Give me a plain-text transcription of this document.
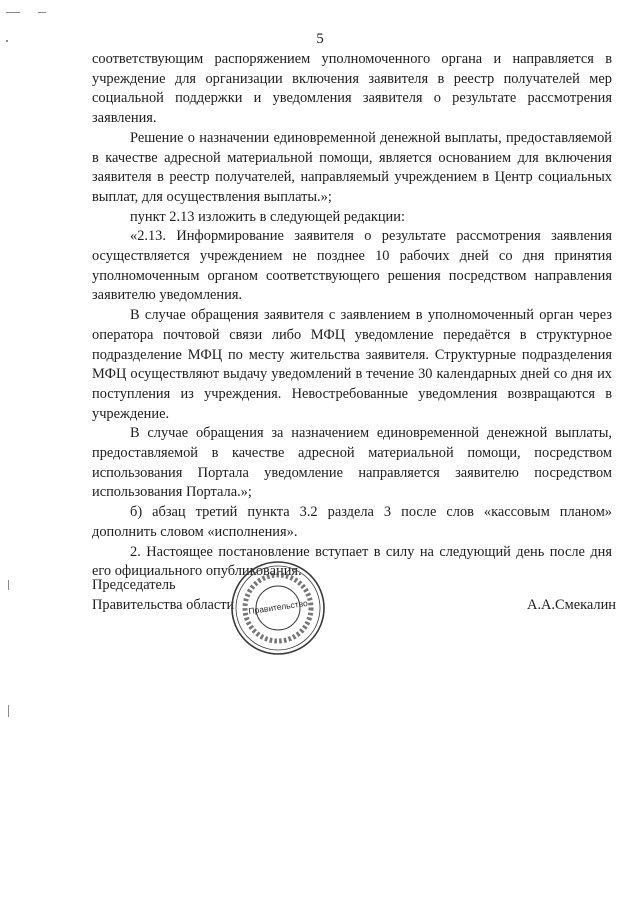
5

соответствующим распоряжением уполномоченного органа и направляется в учреждение для организации включения заявителя в реестр получателей мер социальной поддержки и уведомления заявителя о результате рассмотрения заявления.

Решение о назначении единовременной денежной выплаты, предоставляемой в качестве адресной материальной помощи, является основанием для включения заявителя в реестр получателей, направляемый учреждением в Центр социальных выплат, для осуществления выплаты.»;

пункт 2.13 изложить в следующей редакции:

«2.13. Информирование заявителя о результате рассмотрения заявления осуществляется учреждением не позднее 10 рабочих дней со дня принятия уполномоченным органом соответствующего решения посредством направления заявителю уведомления.

В случае обращения заявителя с заявлением в уполномоченный орган через оператора почтовой связи либо МФЦ уведомление передаётся в структурное подразделение МФЦ по месту жительства заявителя. Структурные подразделения МФЦ осуществляют выдачу уведомлений в течение 30 календарных дней со дня их поступления из учреждения. Невостребованные уведомления возвращаются в учреждение.

В случае обращения за назначением единовременной денежной выплаты, предоставляемой в качестве адресной материальной помощи, посредством использования Портала уведомление направляется заявителю посредством использования Портала.»;

б) абзац третий пункта 3.2 раздела 3 после слов «кассовым планом» дополнить словом «исполнения».

2. Настоящее постановление вступает в силу на следующий день после дня его официального опубликования.

Председатель
Правительства области	А.А.Смекалин
Правительство
